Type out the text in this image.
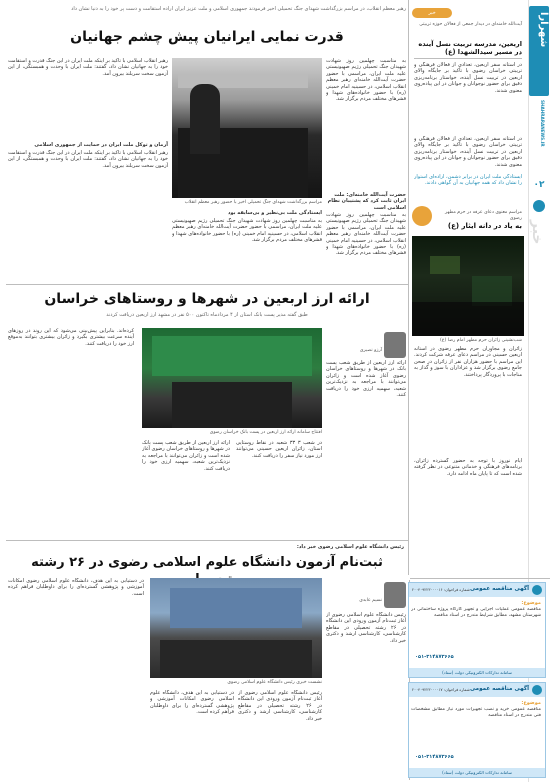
شهرآرا
SHAHRARANEWS.IR
۰۲
خبر
خبر
آیت‌الله خامنه‌ای در دیدار جمعی از فعالان حوزه تربیتی
اربعین، مدرسه تربیت نسل آینده در مسیر سیدالشهدا (ع)
در آستانه سفر اربعین، تعدادی از فعالان فرهنگی و تربیتی خراسان رضوی با تأکید بر جایگاه والای اربعین در تربیت نسل آینده، خواستار برنامه‌ریزی دقیق برای حضور نوجوانان و جوانان در این پیاده‌روی معنوی شدند.
در آستانه سفر اربعین، تعدادی از فعالان فرهنگی و تربیتی خراسان رضوی با تأکید بر جایگاه والای اربعین در تربیت نسل آینده، خواستار برنامه‌ریزی دقیق برای حضور نوجوانان و جوانان در این پیاده‌روی معنوی شدند.
ایستادگی ملت ایران در برابر دشمن، اراده‌ای استوار را نشان داد که همه جهانیان به آن گواهی دادند.
مراسم معنوی دعای عرفه در حرم مطهر رضوی
به یاد در دانه ایثار (ع)
شب‌نشینی زائران حرم مطهر امام رضا (ع)
زائران و مجاوران حرم مطهر رضوی در آستانه اربعین حسینی در مراسم دعای عرفه شرکت کردند. این مراسم با حضور هزاران نفر از زائران در صحن جامع رضوی برگزار شد و عزاداران با سوز و گداز به مناجات با پروردگار پرداختند.
ایام نوروز با توجه به حضور گسترده زائران، برنامه‌های فرهنگی و خدماتی متنوعی در نظر گرفته شده است که تا پایان ماه ادامه دارد.
رهبر معظم انقلاب، در مراسم بزرگداشت شهدای جنگ تحمیلی اخیر فرمودند جمهوری اسلامی و ملت عزیز ایران اراده استقامت و دست پر خود را به دنیا نشان داد
قدرت نمایی ایرانیان پیش چشم جهانیان
به مناسبت چهلمین روز شهادت شهیدان جنگ تحمیلی رژیم صهیونیستی علیه ملت ایران، مراسمی با حضور حضرت آیت‌الله خامنه‌ای رهبر معظم انقلاب اسلامی، در حسینیه امام خمینی (ره) با حضور خانواده‌های شهدا و قشرهای مختلف مردم برگزار شد.
مراسم بزرگداشت شهدای جنگ تحمیلی اخیر با حضور رهبر معظم انقلاب
رهبر انقلاب اسلامی با تأکید بر اینکه ملت ایران در این جنگ قدرت و استقامت خود را به جهانیان نشان داد، گفتند: ملت ایران با وحدت و همبستگی، از این آزمون سخت سربلند بیرون آمد.
آرمان و توکل ملت ایران در حمایت از جمهوری اسلامی
رهبر انقلاب اسلامی با تأکید بر اینکه ملت ایران در این جنگ قدرت و استقامت خود را به جهانیان نشان داد، گفتند: ملت ایران با وحدت و همبستگی، از این آزمون سخت سربلند بیرون آمد.
ایستادگی ملت بی‌نظیر و بی‌سابقه بود
به مناسبت چهلمین روز شهادت شهیدان جنگ تحمیلی رژیم صهیونیستی علیه ملت ایران، مراسمی با حضور حضرت آیت‌الله خامنه‌ای رهبر معظم انقلاب اسلامی، در حسینیه امام خمینی (ره) با حضور خانواده‌های شهدا و قشرهای مختلف مردم برگزار شد.
حضرت آیت‌الله خامنه‌ای: ملت ایران ثابت کرد که پشتیبان نظام اسلامی است
به مناسبت چهلمین روز شهادت شهیدان جنگ تحمیلی رژیم صهیونیستی علیه ملت ایران، مراسمی با حضور حضرت آیت‌الله خامنه‌ای رهبر معظم انقلاب اسلامی، در حسینیه امام خمینی (ره) با حضور خانواده‌های شهدا و قشرهای مختلف مردم برگزار شد.
ارائه ارز اربعین در شهرها و روستاهای خراسان
طبق گفته مدیر پست بانک استان از ۴ مردادماه تاکنون ۵۰۰ نفر در مشهد ارز اربعین دریافت کردند
آرزو نصیری
ارائه ارز اربعین از طریق شعب پست بانک در شهرها و روستاهای خراسان رضوی آغاز شده است و زائران می‌توانند با مراجعه به نزدیک‌ترین شعبه، سهمیه ارزی خود را دریافت کنند.
افتتاح سامانه ارائه ارز اربعین در پست بانک خراسان رضوی
در شعب ۳ ۳۳ شعبه در نقاط روستایی استان، زائران اربعین حسینی می‌توانند ارز مورد نیاز سفر را دریافت کنند.
ارائه ارز اربعین از طریق شعب پست بانک در شهرها و روستاهای خراسان رضوی آغاز شده است و زائران می‌توانند با مراجعه به نزدیک‌ترین شعبه، سهمیه ارزی خود را دریافت کنند.
کرده‌اند. بنابراین پیش‌بینی می‌شود که این روند در روزهای آینده سرعت بیشتری بگیرد و زائران بیشتری بتوانند به‌موقع ارز خود را دریافت کنند.
رئیس دانشگاه علوم اسلامی رضوی خبر داد:
ثبت‌نام آزمون دانشگاه علوم اسلامی رضوی در ۲۶ رشته
نسیم عابدی
رئیس دانشگاه علوم اسلامی رضوی از آغاز ثبت‌نام آزمون ورودی این دانشگاه در ۲۶ رشته تحصیلی در مقاطع کارشناسی، کارشناسی ارشد و دکتری خبر داد.
نشست خبری رئیس دانشگاه علوم اسلامی رضوی
رئیس دانشگاه علوم اسلامی رضوی از آغاز ثبت‌نام آزمون ورودی این دانشگاه در ۲۶ رشته تحصیلی در مقاطع کارشناسی، کارشناسی ارشد و دکتری خبر داد.
در دستیابی به این هدف، دانشگاه علوم اسلامی رضوی امکانات آموزشی و پژوهشی گسترده‌ای را برای داوطلبان فراهم کرده است.
در دستیابی به این هدف، دانشگاه علوم اسلامی رضوی امکانات آموزشی و پژوهشی گسترده‌ای را برای داوطلبان فراهم کرده است.
آگهی مناقصه عمومی
شماره فراخوان: ۲۰۰۴۰۹۲۲۳۰۰۰۰۱۶
موضوع:
مناقصه عمومی عملیات اجرایی و تجهیز کارگاه پروژه ساختمانی در شهرستان مشهد، مطابق شرایط مندرج در اسناد مناقصه
۰۵۱-۳۱۴۸۷۳۶۶۵
سامانه تدارکات الکترونیکی دولت (ستاد)
آگهی مناقصه عمومی
شماره فراخوان: ۲۰۰۴۰۹۲۲۳۰۰۰۰۱۷
موضوع:
مناقصه عمومی خرید و نصب تجهیزات مورد نیاز مطابق مشخصات فنی مندرج در اسناد مناقصه
۰۵۱-۳۱۴۸۷۳۶۶۵
سامانه تدارکات الکترونیکی دولت (ستاد)
